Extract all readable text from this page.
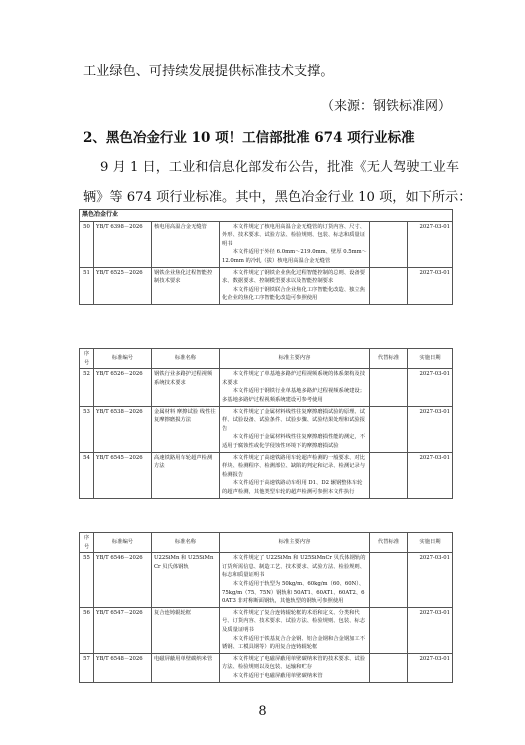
工业绿色、可持续发展提供标准技术支撑。
（来源：钢铁标准网）
2、黑色冶金行业 10 项！工信部批准 674 项行业标准
9 月 1 日，工业和信息化部发布公告，批准《无人驾驶工业车
辆》等 674 项行业标准。其中，黑色冶金行业 10 项，如下所示：
黑色冶金行业					
50	YB/T 6398－2026	核电用高温合金无缝管	本文件规定了核电用高温合金无缝管的订货内容、尺寸、外形、技术要求、试验方法、检验规则、包装、标志和质量证明书
本文件适用于外径 6.0mm～219.0mm、壁厚 0.5mm～12.0mm 的冷轧（拔）核电用高温合金无缝管		2027-03-01
51	YB/T 6525－2026	钢铁企业焦化过程智能控制技术要求	本文件规定了钢铁企业焦化过程智能控制的总则、设备要求、数据要求、控制模型要求以及智能控制要求
本文件适用于钢铁联合企业焦化工序智能化改造、独立焦化企业的焦化工序智能化改造可参照使用		2027-03-01
序号	标准编号	标准名称	标准主要内容	代替标准	实施日期
52	YB/T 6526－2026	钢铁行业多路护过程视频系统技术要求	本文件规定了单基地多路炉过程视频系统的体系架构及技术要求
本文件适用于钢铁行业单基地多路炉过程视频系统建设；多基地多路炉过程视频系统建设可参考使用		2027-03-01
53	YB/T 6538－2026	金属材料 摩擦试验 线性往复摩擦磨损方法	本文件规定了金属材料线性往复摩擦磨损试验的原理、试样、试验设备、试验条件、试验步骤、试验结果处理和试验报告
本文件适用于金属材料线性往复摩擦磨损性能的测定，不适用于腐蚀性或化学侵蚀性环境下的摩擦磨损试验		2027-03-01
54	YB/T 6545－2026	高速铁路用车轮超声检测方法	本文件规定了高速铁路用车轮超声检测的一般要求、对比样块、检测程序、检测部位、缺陷的判定和记录、检测记录与检测报告
本文件适用于高速铁路动车组用 D1、D2 辗钢整体车轮的超声检测，其他类型车轮的超声检测可参照本文件执行		2027-03-01
序号	标准编号	标准名称	标准主要内容	代替标准	实施日期
55	YB/T 6546－2026	U22SiMn 和 U25SiMnCr 贝氏体钢轨	本文件规定了 U22SiMn 和 U25SiMnCr 贝氏体钢轨的订货所需信息、制造工艺、技术要求、试验方法、检验规则、标志和质量证明书
本文件适用于轨型为 50kg/m、60kg/m（60、60N）、75kg/m（75、75N）钢轨和 50AT1、60AT1、60AT2、60AT3 非对称断面钢轨，其他轨型的钢轨可参照使用		2027-03-01
56	YB/T 6547－2026	复合连铸辊轮框	本文件规定了复合连铸辊轮框的术语和定义、分类和代号、订货内容、技术要求、试验方法、检验规则、包装、标志及质量证明书
本文件适用于铁基复合合金钢、铝合金钢和合金钢加工不锈钢、工模具钢等）的用复合连铸辊轮框		2027-03-01
57	YB/T 6548－2026	电磁屏蔽用单壁碳纳米管	本文件规定了电磁屏蔽用单壁碳纳米管的技术要求、试验方法、检验规则以及包装、运输和贮存
本文件适用于电磁屏蔽用单壁碳纳米管		2027-03-01
8
